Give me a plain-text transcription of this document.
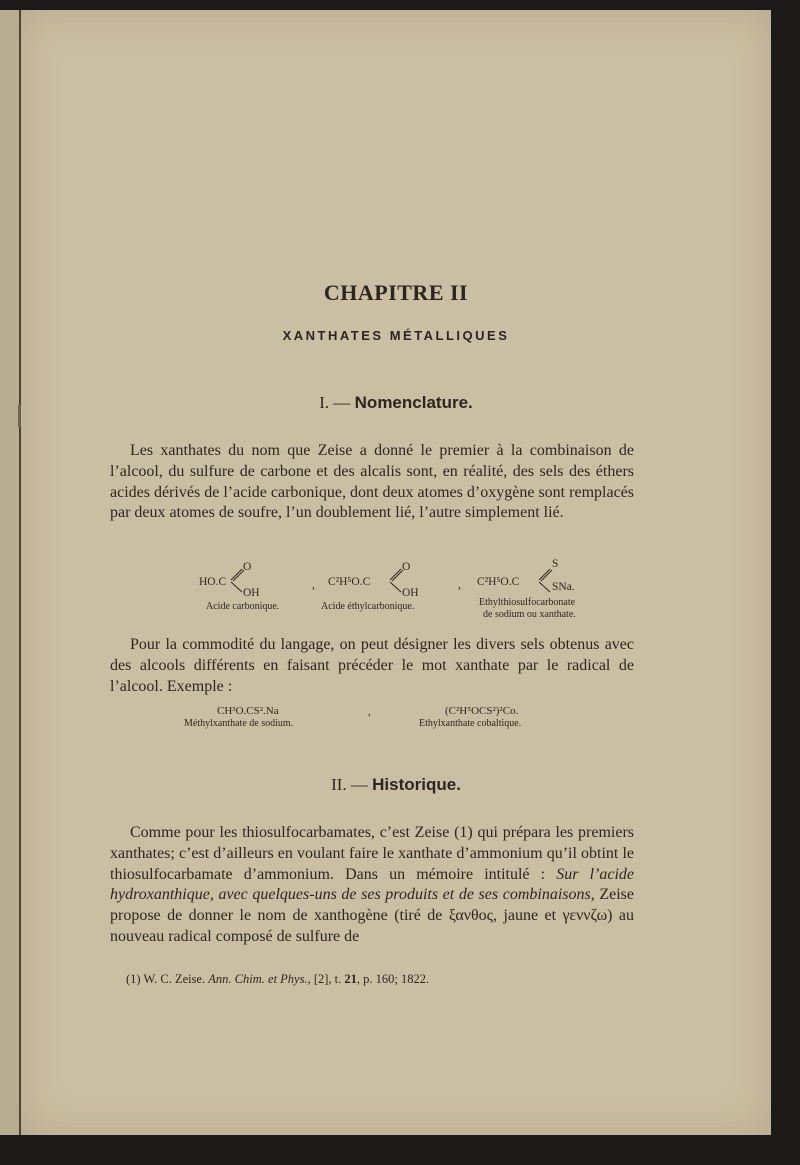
CHAPITRE II
XANTHATES MÉTALLIQUES
I. — Nomenclature.

Les xanthates du nom que Zeise a donné le premier à la combinaison de l’alcool, du sulfure de carbone et des alcalis sont, en réalité, des sels des éthers acides dérivés de l’acide carbonique, dont deux atomes d’oxygène sont remplacés par deux atomes de soufre, l’un doublement lié, l’autre simplement lié.

HO.C
O
OH
Acide carbonique.
, C²H⁵O.C
O
OH
Acide éthylcarbonique.
, C²H⁵O.C
S
SNa.
Ethylthiosulfocarbonate
de sodium ou xanthate.

Pour la commodité du langage, on peut désigner les divers sels obtenus avec des alcools différents en faisant précéder le mot xanthate par le radical de l’alcool. Exemple :

CH³O.CS².Na
Méthylxanthate de sodium.
,	(C²H⁵OCS²)²Co.
Ethylxanthate cobaltique.
II. — Historique.

Comme pour les thiosulfocarbamates, c’est Zeise (1) qui prépara les premiers xanthates; c’est d’ailleurs en voulant faire le xanthate d’ammonium qu’il obtint le thiosulfocarbamate d’ammonium. Dans un mémoire intitulé : Sur l’acide hydroxanthique, avec quelques-uns de ses produits et de ses combinaisons, Zeise propose de donner le nom de xanthogène (tiré de ξανθος, jaune et γεννζω) au nouveau radical composé de sulfure de

(1) W. C. Zeise. Ann. Chim. et Phys., [2], t. 21, p. 160; 1822.
